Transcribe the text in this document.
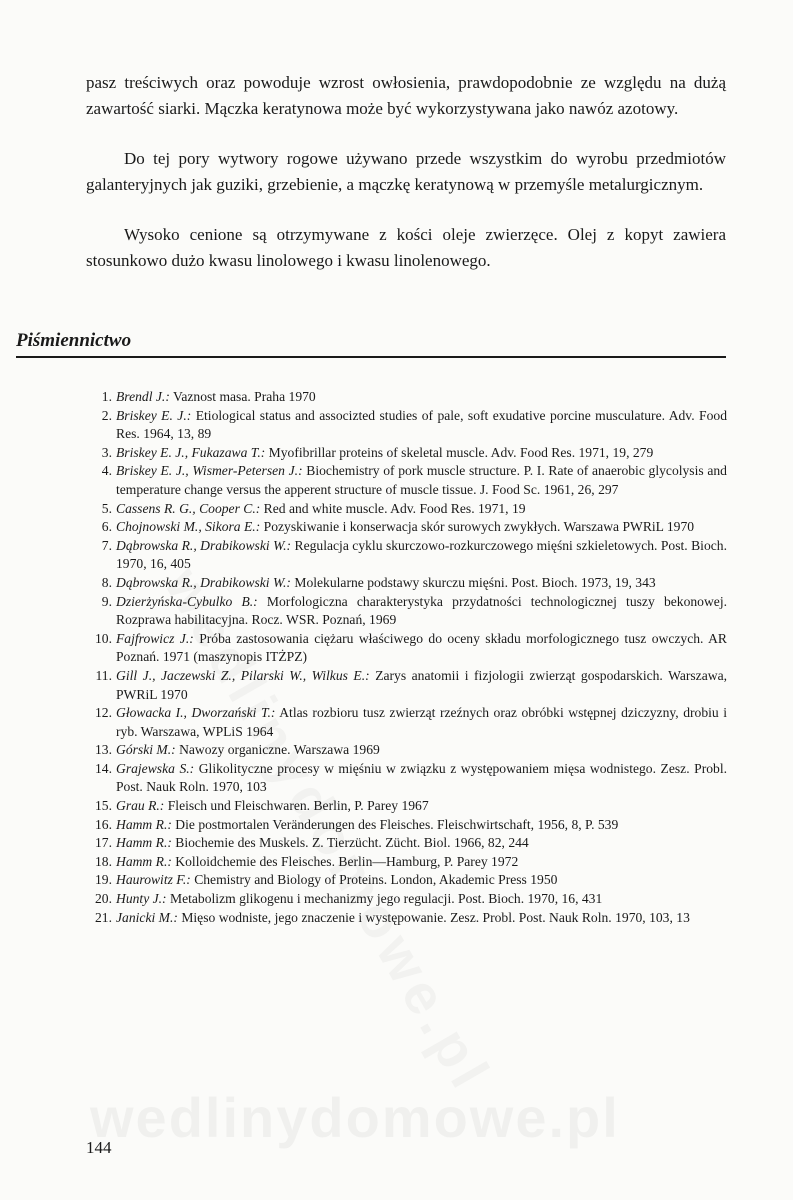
pasz treściwych oraz powoduje wzrost owłosienia, prawdopodobnie ze względu na dużą zawartość siarki. Mączka keratynowa może być wykorzystywana jako nawóz azotowy.

Do tej pory wytwory rogowe używano przede wszystkim do wyrobu przedmiotów galanteryjnych jak guziki, grzebienie, a mączkę keratynową w przemyśle metalurgicznym.

Wysoko cenione są otrzymywane z kości oleje zwierzęce. Olej z kopyt zawiera stosunkowo dużo kwasu linolowego i kwasu linolenowego.

Piśmiennictwo
1. Brendl J.: Vaznost masa. Praha 1970
2. Briskey E. J.: Etiological status and associzted studies of pale, soft exudative porcine musculature. Adv. Food Res. 1964, 13, 89
3. Briskey E. J., Fukazawa T.: Myofibrillar proteins of skeletal muscle. Adv. Food Res. 1971, 19, 279
4. Briskey E. J., Wismer-Petersen J.: Biochemistry of pork muscle structure. P. I. Rate of anaerobic glycolysis and temperature change versus the apperent structure of muscle tissue. J. Food Sc. 1961, 26, 297
5. Cassens R. G., Cooper C.: Red and white muscle. Adv. Food Res. 1971, 19
6. Chojnowski M., Sikora E.: Pozyskiwanie i konserwacja skór surowych zwykłych. Warszawa PWRiL 1970
7. Dąbrowska R., Drabikowski W.: Regulacja cyklu skurczowo-rozkurczowego mięśni szkieletowych. Post. Bioch. 1970, 16, 405
8. Dąbrowska R., Drabikowski W.: Molekularne podstawy skurczu mięśni. Post. Bioch. 1973, 19, 343
9. Dzierżyńska-Cybulko B.: Morfologiczna charakterystyka przydatności technologicznej tuszy bekonowej. Rozprawa habilitacyjna. Rocz. WSR. Poznań, 1969
10. Fajfrowicz J.: Próba zastosowania ciężaru właściwego do oceny składu morfologicznego tusz owczych. AR Poznań. 1971 (maszynopis ITŻPZ)
11. Gill J., Jaczewski Z., Pilarski W., Wilkus E.: Zarys anatomii i fizjologii zwierząt gospodarskich. Warszawa, PWRiL 1970
12. Głowacka I., Dworzański T.: Atlas rozbioru tusz zwierząt rzeźnych oraz obróbki wstępnej dziczyzny, drobiu i ryb. Warszawa, WPLiS 1964
13. Górski M.: Nawozy organiczne. Warszawa 1969
14. Grajewska S.: Glikolityczne procesy w mięśniu w związku z występowaniem mięsa wodnistego. Zesz. Probl. Post. Nauk Roln. 1970, 103
15. Grau R.: Fleisch und Fleischwaren. Berlin, P. Parey 1967
16. Hamm R.: Die postmortalen Veränderungen des Fleisches. Fleischwirtschaft, 1956, 8, P. 539
17. Hamm R.: Biochemie des Muskels. Z. Tierzücht. Zücht. Biol. 1966, 82, 244
18. Hamm R.: Kolloidchemie des Fleisches. Berlin—Hamburg, P. Parey 1972
19. Haurowitz F.: Chemistry and Biology of Proteins. London, Akademic Press 1950
20. Hunty J.: Metabolizm glikogenu i mechanizmy jego regulacji. Post. Bioch. 1970, 16, 431
21. Janicki M.: Mięso wodniste, jego znaczenie i występowanie. Zesz. Probl. Post. Nauk Roln. 1970, 103, 13

144
